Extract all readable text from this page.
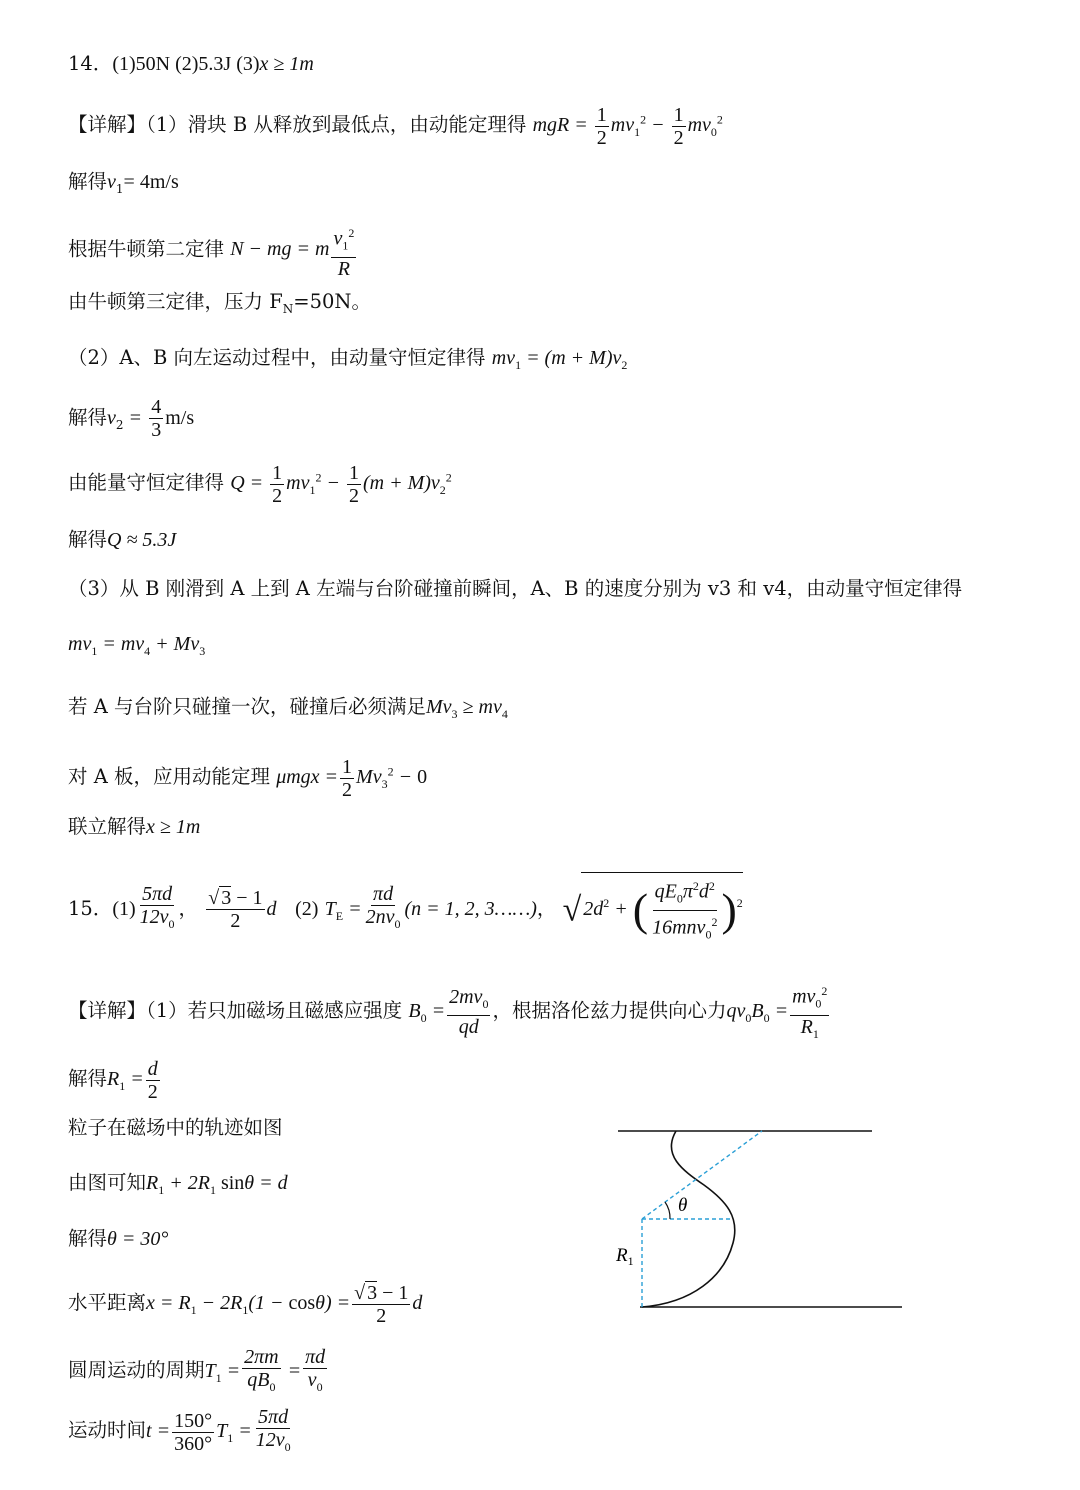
14．(1)50N (2)5.3J (3)x ≥ 1m
【详解】（1）滑块 B 从释放到最低点，由动能定理得 mgR = $\frac{1}{2} mv_1^2 - \frac{1}{2} mv_0^2$
解得$v_1= 4m/s$
根据牛顿第二定律 N − mg = m $\frac{v_1^2}{R}$
由牛顿第三定律，压力 $F_N=50N$。
（2）A、B 向左运动过程中，由动量守恒定律得 $mv_1 = (m + M)v_2$
解得$v_2 = \frac{4}{3} m/s$
由能量守恒定律得 $Q = \frac{1}{2} mv_1^2 - \frac{1}{2} (m + M)v_2^2$
解得Q ≈ 5.3J
（3）从 B 刚滑到 A 上到 A 左端与台阶碰撞前瞬间，A、B 的速度分别为 v3 和 v4，由动量守恒定律得
$mv_1 = mv_4 + Mv_3$
若 A 与台阶只碰撞一次，碰撞后必须满足$Mv_3 \ge mv_4$
对 A 板，应用动能定理 $\mu mgx = \frac{1}{2} Mv_3^2 - 0$
联立解得x ≥ 1m
15．$(1) \frac{5\pi d}{12v_0}$ ， $\frac{√ 3 - 1}{2}$ d (2) $T_E = \frac{\pi d}{2nv_0} (n = 1$, 2, 3……)， √ $2d^2$ + ( $\frac{qE_0\pi^2d^2}{16mnv_0^2} )^2$
【详解】（1）若只加磁场且磁感应强度 $B_0 = \frac{2mv_0}{qd}$ ，根据洛伦兹力提供向心力$qv_0B_0 = \frac{mv_0^2}{R_1}$
解得$R_1 = \frac{d}{2}$
粒子在磁场中的轨迹如图
由图可知$R_1 + 2R_1$ sinθ = d
解得θ = 30°
水平距离$x = R_1 - 2R_1(1 - \cos\theta) = \frac{√ 3 - 1}{2}$ d
圆周运动的周期$T_1 = \frac{2\pi m}{qB_0} = \frac{\pi d}{v_0}$
运动时间$t = \frac{150^\circ}{360^\circ} T_1 = \frac{5\pi d}{12v_0}$
θ
$R_1$
